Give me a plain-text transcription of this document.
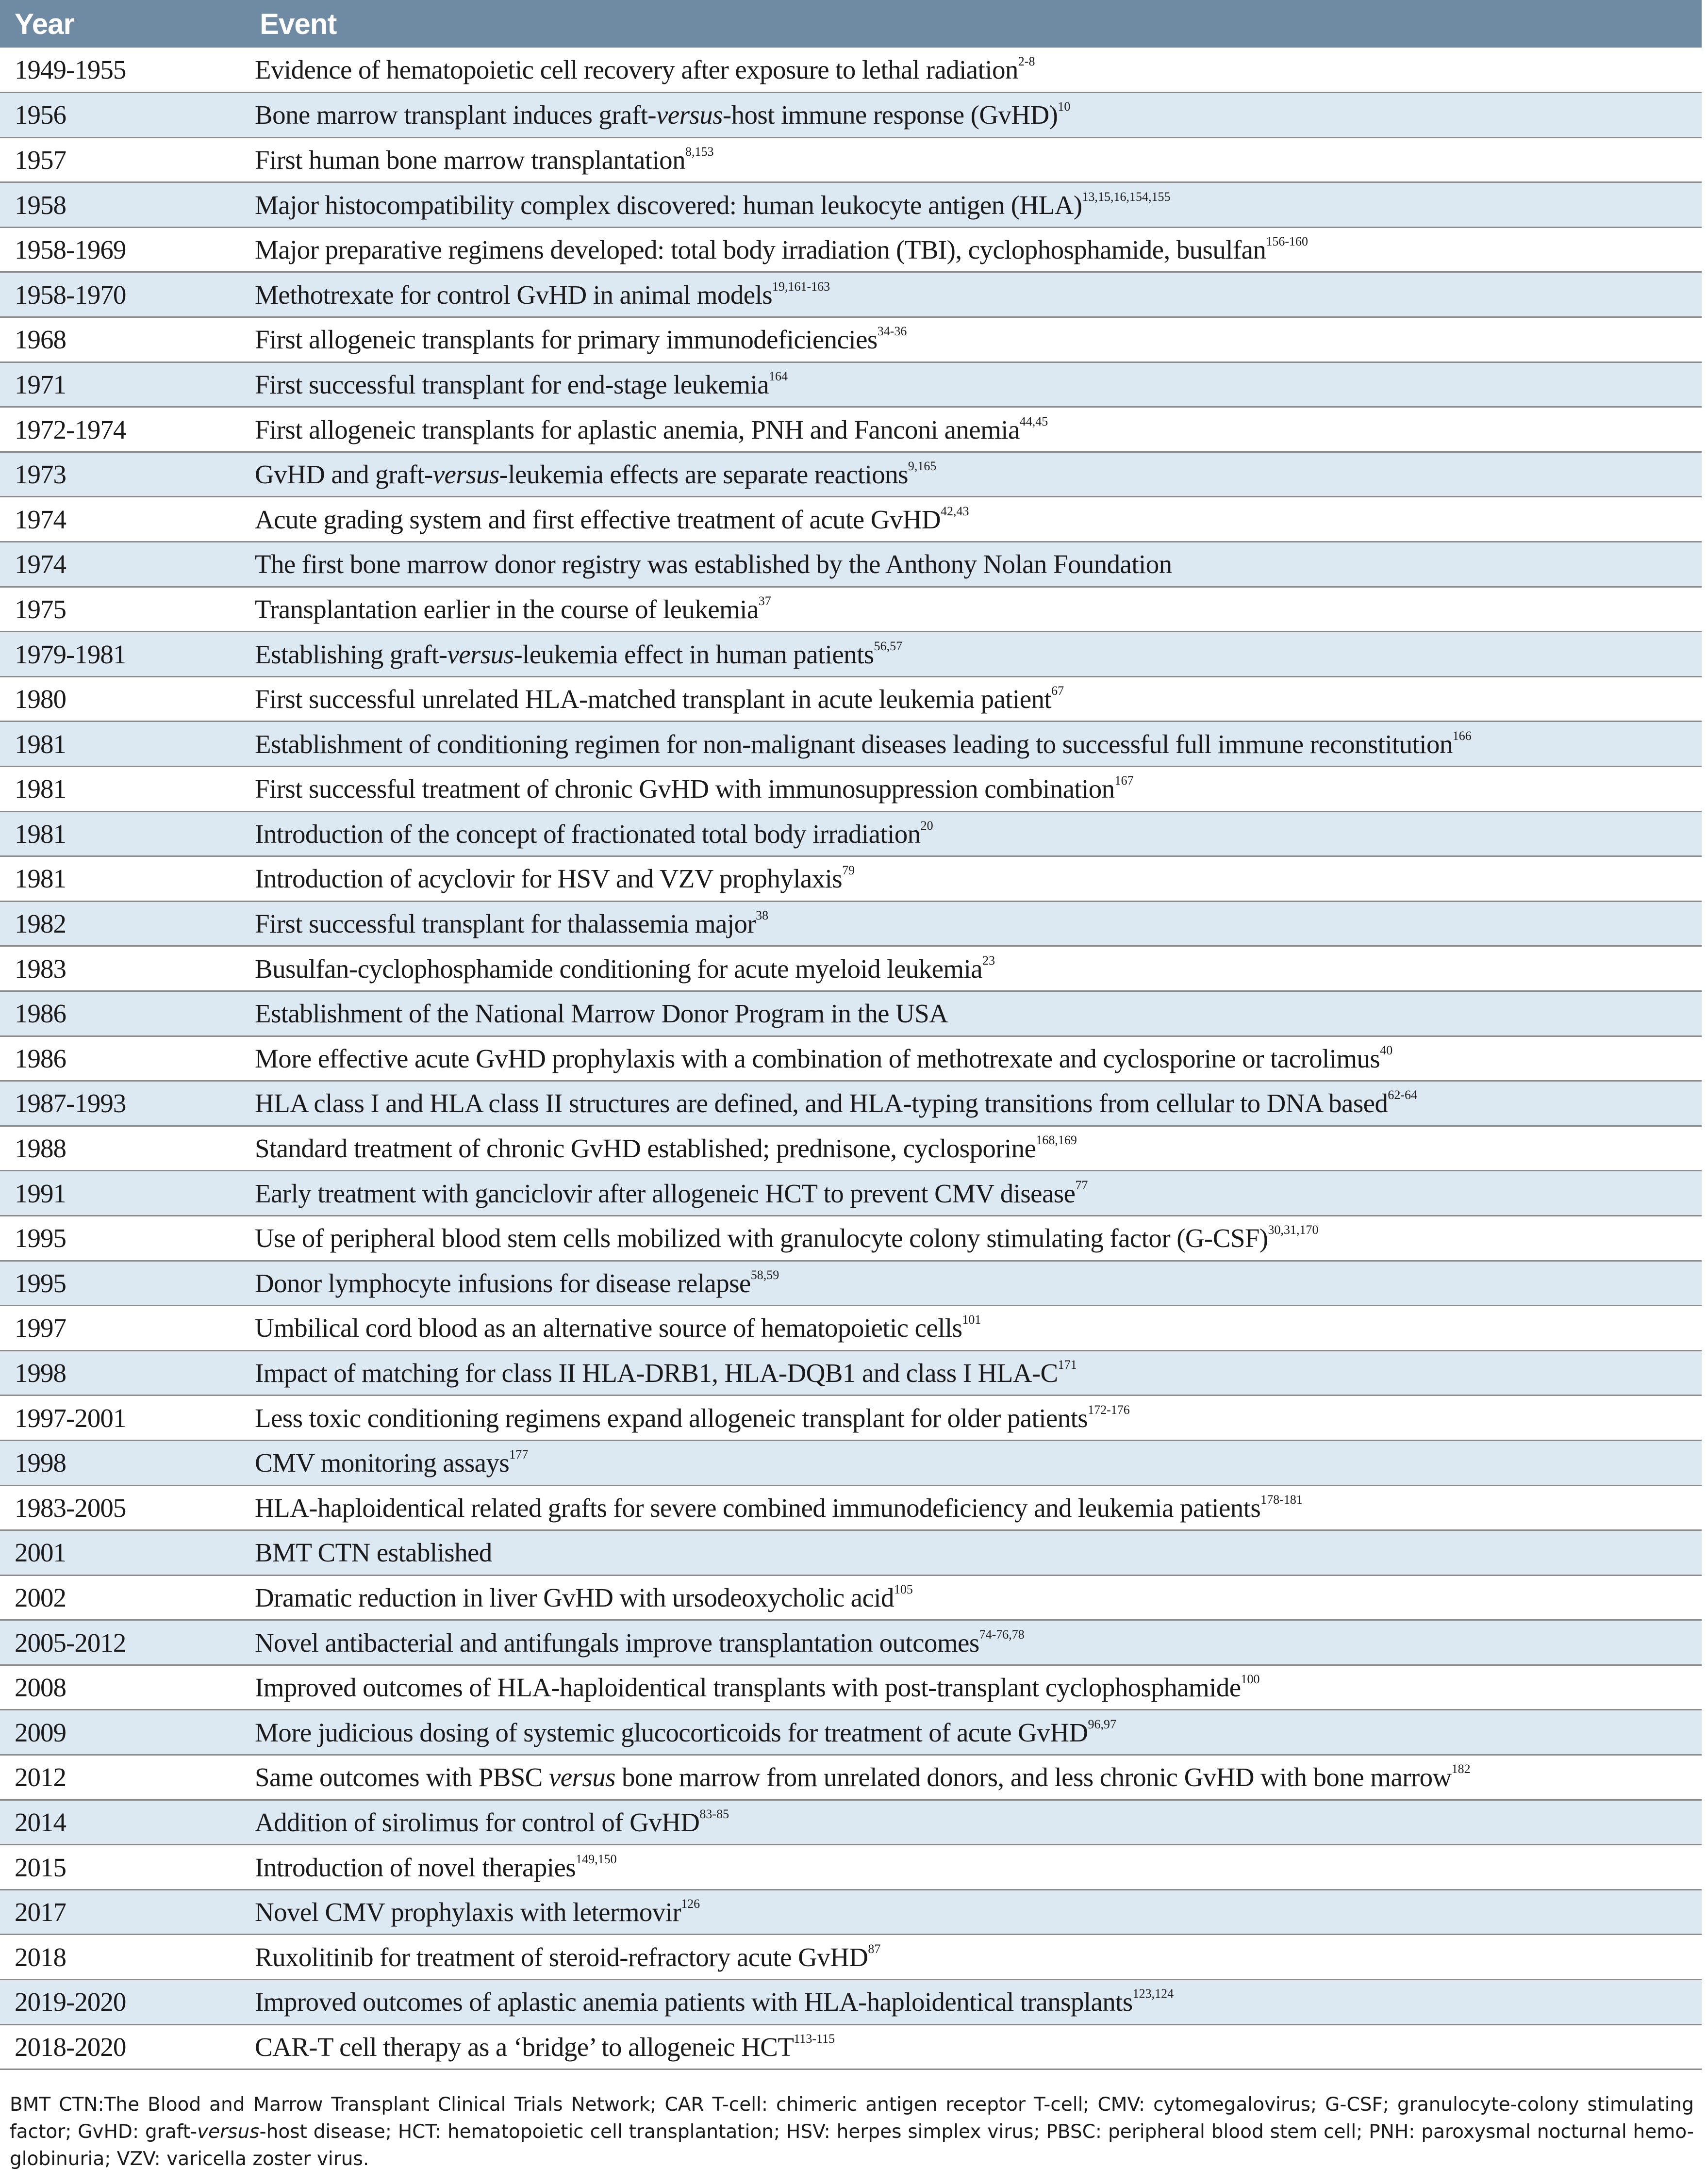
Year	Event
1949-1955	Evidence of hematopoietic cell recovery after exposure to lethal radiation$^{2-8}$
1956	Bone marrow transplant induces graft-versus-host immune response (GvHD)$^{10}$
1957	First human bone marrow transplantation$^{8,153}$
1958	Major histocompatibility complex discovered: human leukocyte antigen (HLA)$^{13,15,16,154,155}$
1958-1969	Major preparative regimens developed: total body irradiation (TBI), cyclophosphamide, busulfan$^{156-160}$
1958-1970	Methotrexate for control GvHD in animal models$^{19,161-163}$
1968	First allogeneic transplants for primary immunodeficiencies$^{34-36}$
1971	First successful transplant for end-stage leukemia$^{164}$
1972-1974	First allogeneic transplants for aplastic anemia, PNH and Fanconi anemia$^{44,45}$
1973	GvHD and graft-versus-leukemia effects are separate reactions$^{9,165}$
1974	Acute grading system and first effective treatment of acute GvHD$^{42,43}$
1974	The first bone marrow donor registry was established by the Anthony Nolan Foundation
1975	Transplantation earlier in the course of leukemia$^{37}$
1979-1981	Establishing graft-versus-leukemia effect in human patients$^{56,57}$
1980	First successful unrelated HLA-matched transplant in acute leukemia patient$^{67}$
1981	Establishment of conditioning regimen for non-malignant diseases leading to successful full immune reconstitution$^{166}$
1981	First successful treatment of chronic GvHD with immunosuppression combination$^{167}$
1981	Introduction of the concept of fractionated total body irradiation$^{20}$
1981	Introduction of acyclovir for HSV and VZV prophylaxis$^{79}$
1982	First successful transplant for thalassemia major$^{38}$
1983	Busulfan-cyclophosphamide conditioning for acute myeloid leukemia$^{23}$
1986	Establishment of the National Marrow Donor Program in the USA
1986	More effective acute GvHD prophylaxis with a combination of methotrexate and cyclosporine or tacrolimus$^{40}$
1987-1993	HLA class I and HLA class II structures are defined, and HLA-typing transitions from cellular to DNA based$^{62-64}$
1988	Standard treatment of chronic GvHD established; prednisone, cyclosporine$^{168,169}$
1991	Early treatment with ganciclovir after allogeneic HCT to prevent CMV disease$^{77}$
1995	Use of peripheral blood stem cells mobilized with granulocyte colony stimulating factor $(G-CSF)^{30,31,170}$
1995	Donor lymphocyte infusions for disease relapse$^{58,59}$
1997	Umbilical cord blood as an alternative source of hematopoietic cells$^{101}$
1998	Impact of matching for class II HLA-DRB1, HLA-DQB1 and class I HLA-$C^{171}$
1997-2001	Less toxic conditioning regimens expand allogeneic transplant for older patients$^{172-176}$
1998	CMV monitoring assays$^{177}$
1983-2005	HLA-haploidentical related grafts for severe combined immunodeficiency and leukemia patients$^{178-181}$
2001	BMT CTN established
2002	Dramatic reduction in liver GvHD with ursodeoxycholic acid$^{105}$
2005-2012	Novel antibacterial and antifungals improve transplantation outcomes$^{74-76,78}$
2008	Improved outcomes of HLA-haploidentical transplants with post-transplant cyclophosphamide$^{100}$
2009	More judicious dosing of systemic glucocorticoids for treatment of acute GvHD$^{96,97}$
2012	Same outcomes with PBSC versus bone marrow from unrelated donors, and less chronic GvHD with bone marrow$^{182}$
2014	Addition of sirolimus for control of GvHD$^{83-85}$
2015	Introduction of novel therapies$^{149,150}$
2017	Novel CMV prophylaxis with letermovir$^{126}$
2018	Ruxolitinib for treatment of steroid-refractory acute GvHD$^{87}$
2019-2020	Improved outcomes of aplastic anemia patients with HLA-haploidentical transplants$^{123,124}$
2018-2020	CAR-T cell therapy as a ‘bridge’ to allogeneic HCT$^{113-115}$
BMT CTN:The Blood and Marrow Transplant Clinical Trials Network; CAR T-cell: chimeric antigen receptor T-cell; CMV: cytomegalovirus; G-CSF; granulocyte-colony stimulating factor; GvHD: graft-versus-host disease; HCT: hematopoietic cell transplantation; HSV: herpes simplex virus; PBSC: peripheral blood stem cell; PNH: paroxysmal nocturnal hemo-globinuria; VZV: varicella zoster virus.
